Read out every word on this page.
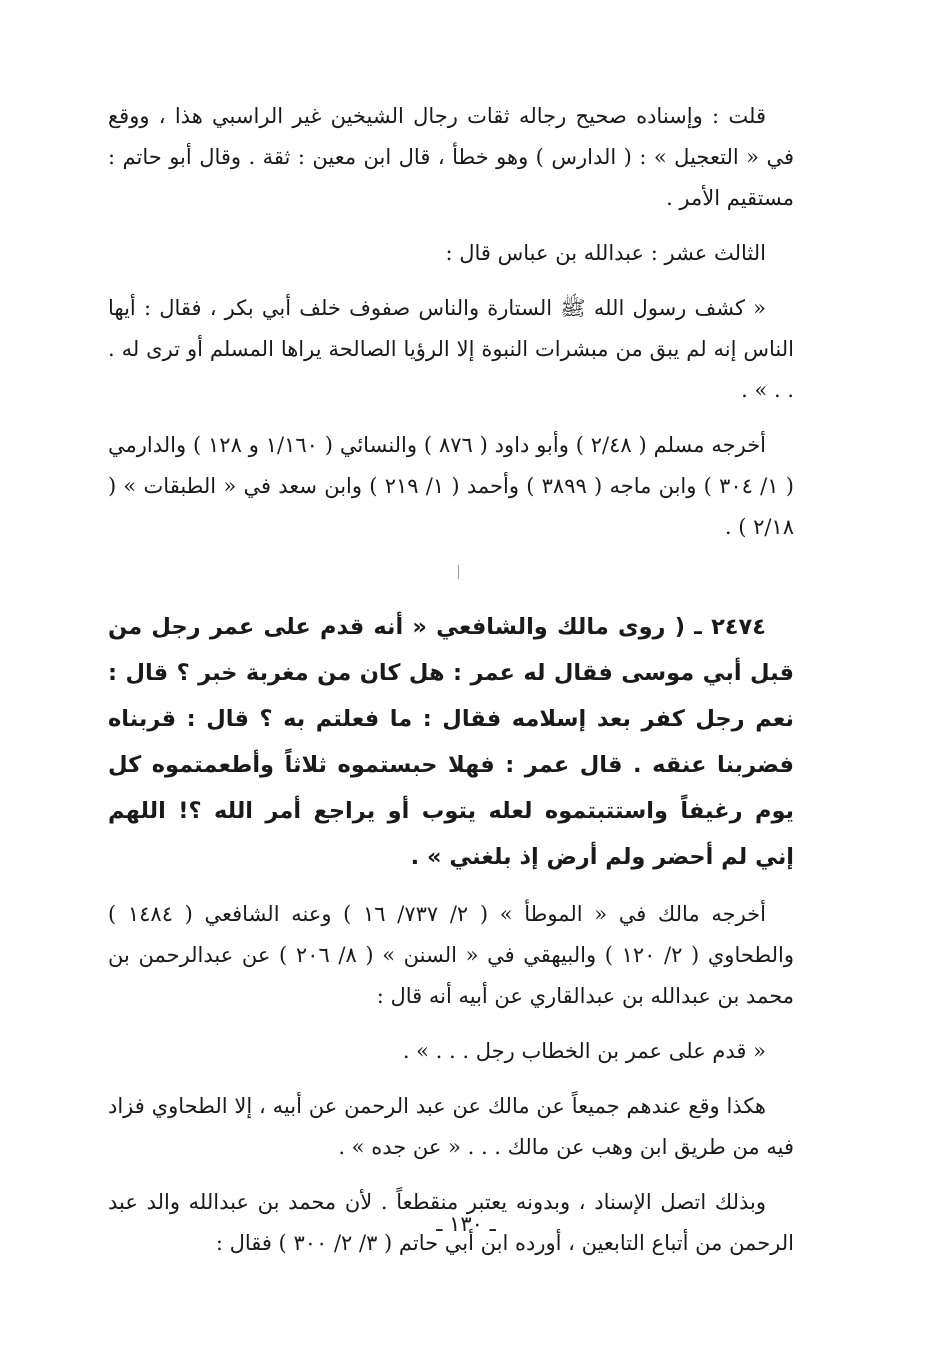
قلت : وإسناده صحيح رجاله ثقات رجال الشيخين غير الراسبي هذا ، ووقع في « التعجيل » : ( الدارس ) وهو خطأ ، قال ابن معين : ثقة . وقال أبو حاتم : مستقيم الأمر .

الثالث عشر : عبدالله بن عباس قال :

« كشف رسول الله ﷺ الستارة والناس صفوف خلف أبي بكر ، فقال : أيها الناس إنه لم يبق من مبشرات النبوة إلا الرؤيا الصالحة يراها المسلم أو ترى له . . . » .

أخرجه مسلم ( ٢/٤٨ ) وأبو داود ( ٨٧٦ ) والنسائي ( ١/١٦٠ و ١٢٨ ) والدارمي ( ١/ ٣٠٤ ) وابن ماجه ( ٣٨٩٩ ) وأحمد ( ١/ ٢١٩ ) وابن سعد في « الطبقات » ( ٢/١٨ ) .

٢٤٧٤ ـ ( روى مالك والشافعي « أنه قدم على عمر رجل من قبل أبي موسى فقال له عمر : هل كان من مغربة خبر ؟ قال : نعم رجل كفر بعد إسلامه فقال : ما فعلتم به ؟ قال : قربناه فضربنا عنقه . قال عمر : فهلا حبستموه ثلاثاً وأطعمتموه كل يوم رغيفاً واستتبتموه لعله يتوب أو يراجع أمر الله ؟! اللهم إني لم أحضر ولم أرض إذ بلغني » .

أخرجه مالك في « الموطأ » ( ٢/ ٧٣٧/ ١٦ ) وعنه الشافعي ( ١٤٨٤ ) والطحاوي ( ٢/ ١٢٠ ) والبيهقي في « السنن » ( ٨/ ٢٠٦ ) عن عبدالرحمن بن محمد بن عبدالله بن عبدالقاري عن أبيه أنه قال :

« قدم على عمر بن الخطاب رجل . . . » .

هكذا وقع عندهم جميعاً عن مالك عن عبد الرحمن عن أبيه ، إلا الطحاوي فزاد فيه من طريق ابن وهب عن مالك . . . « عن جده » .

وبذلك اتصل الإسناد ، وبدونه يعتبر منقطعاً . لأن محمد بن عبدالله والد عبد الرحمن من أتباع التابعين ، أورده ابن أبي حاتم ( ٣/ ٢/ ٣٠٠ ) فقال :

ـ ١٣٠ ـ
